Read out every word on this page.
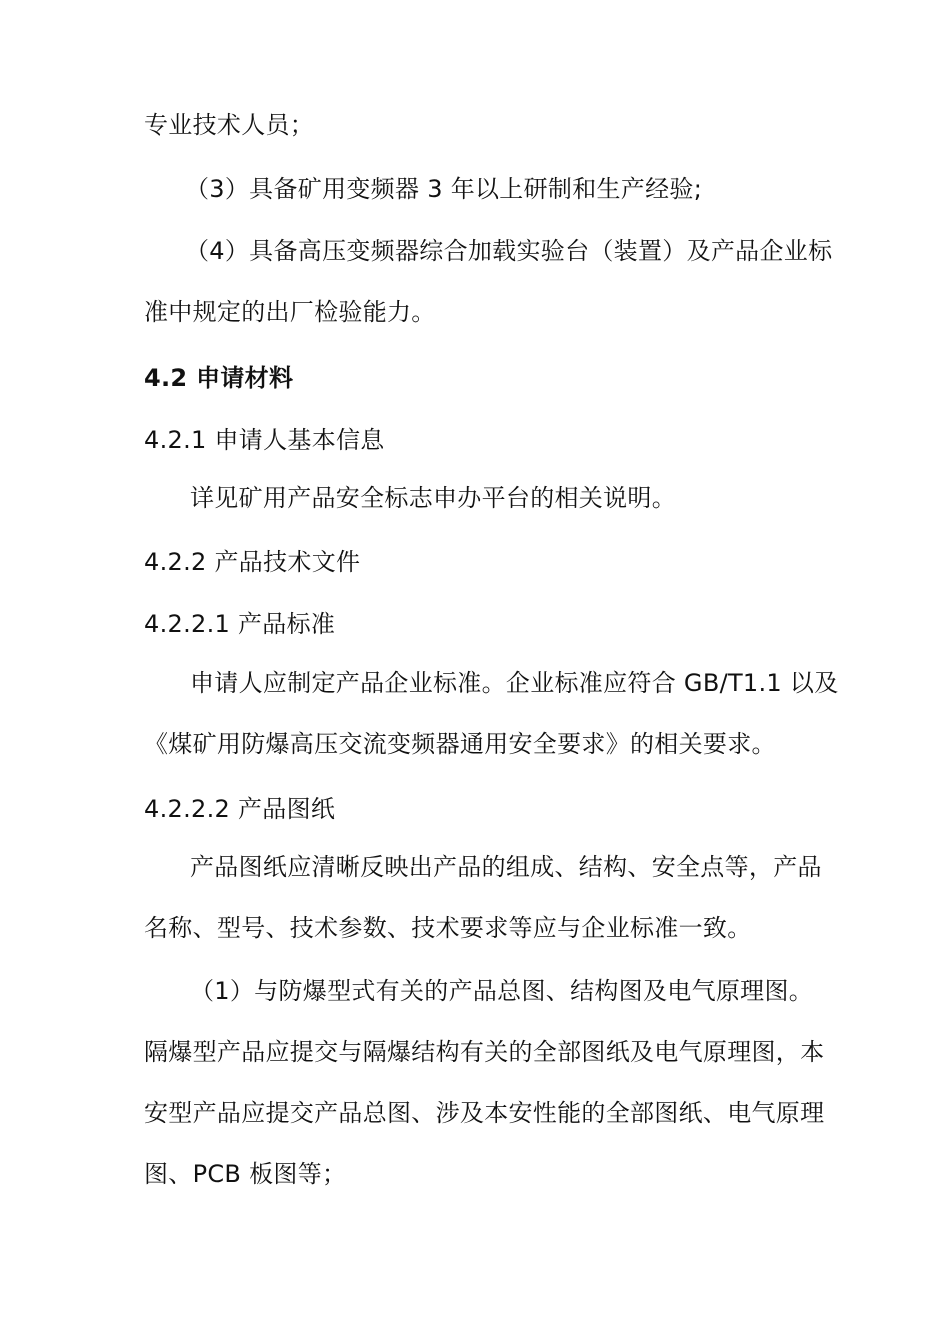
专业技术人员；
（3）具备矿用变频器 3 年以上研制和生产经验;
（4）具备高压变频器综合加载实验台（装置）及产品企业标
准中规定的出厂检验能力。
4.2 申请材料
4.2.1 申请人基本信息
详见矿用产品安全标志申办平台的相关说明。
4.2.2 产品技术文件
4.2.2.1 产品标准
申请人应制定产品企业标准。企业标准应符合 GB/T1.1 以及
《煤矿用防爆高压交流变频器通用安全要求》的相关要求。
4.2.2.2 产品图纸
产品图纸应清晰反映出产品的组成、结构、安全点等，产品
名称、型号、技术参数、技术要求等应与企业标准一致。
（1）与防爆型式有关的产品总图、结构图及电气原理图。
隔爆型产品应提交与隔爆结构有关的全部图纸及电气原理图，本
安型产品应提交产品总图、涉及本安性能的全部图纸、电气原理
图、PCB 板图等；
